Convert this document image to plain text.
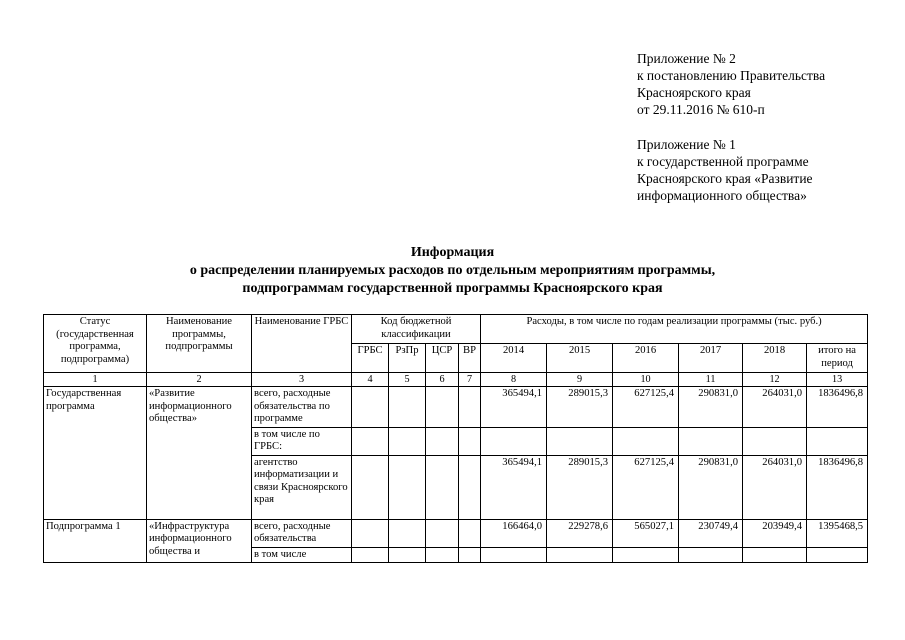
Приложение № 2
к постановлению Правительства
Красноярского края
от 29.11.2016 № 610-п
Приложение № 1
к государственной программе
Красноярского края «Развитие
информационного общества»
Информация
о распределении планируемых расходов по отдельным мероприятиям программы,
подпрограммам государственной программы Красноярского края
Статус (государственная программа, подпрограмма)	Наименование программы, подпрограммы	Наименование ГРБС	Код бюджетной классификации				Расходы, в том числе по годам реализации программы (тыс. руб.)					
			ГРБС	РзПр	ЦСР	ВР	2014	2015	2016	2017	2018	итого на период
1	2	3	4	5	6	7	8	9	10	11	12	13
Государственная программа	«Развитие информационного общества»	всего, расходные обязательства по программе					365494,1	289015,3	627125,4	290831,0	264031,0	1836496,8
		в том числе по ГРБС:										
		агентство информатизации и связи Красноярского края					365494,1	289015,3	627125,4	290831,0	264031,0	1836496,8
Подпрограмма 1	«Инфраструктура информационного общества и	всего, расходные обязательства					166464,0	229278,6	565027,1	230749,4	203949,4	1395468,5
		в том числе										
